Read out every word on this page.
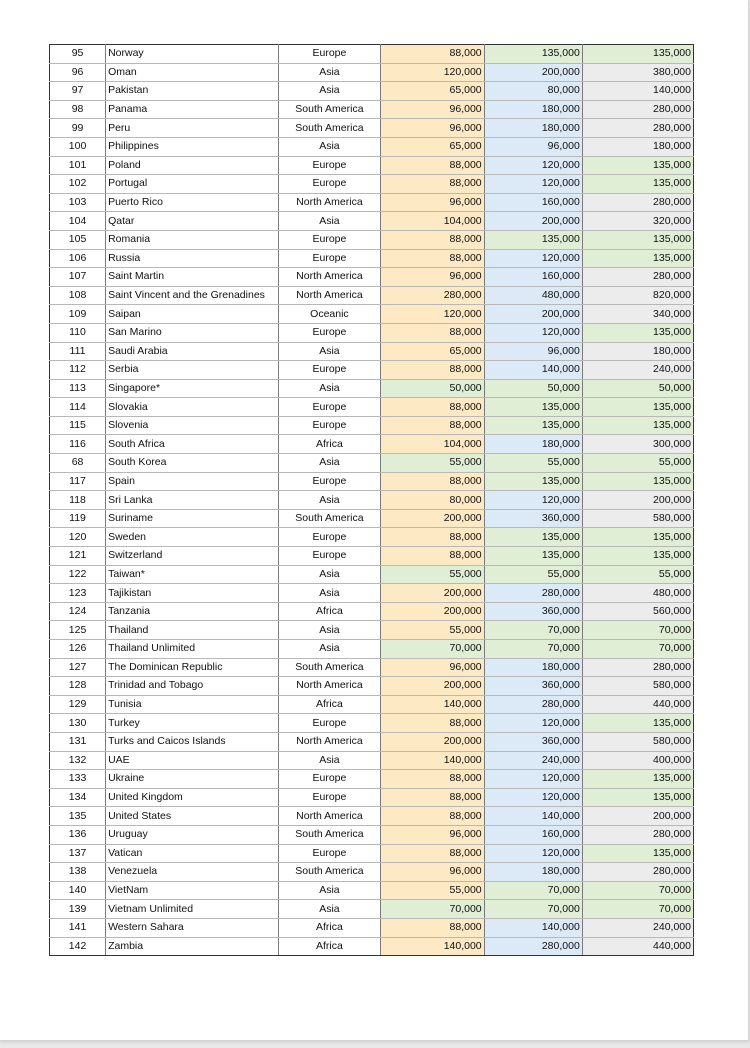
95	Norway	Europe	88,000	135,000	135,000
96	Oman	Asia	120,000	200,000	380,000
97	Pakistan	Asia	65,000	80,000	140,000
98	Panama	South America	96,000	180,000	280,000
99	Peru	South America	96,000	180,000	280,000
100	Philippines	Asia	65,000	96,000	180,000
101	Poland	Europe	88,000	120,000	135,000
102	Portugal	Europe	88,000	120,000	135,000
103	Puerto Rico	North America	96,000	160,000	280,000
104	Qatar	Asia	104,000	200,000	320,000
105	Romania	Europe	88,000	135,000	135,000
106	Russia	Europe	88,000	120,000	135,000
107	Saint Martin	North America	96,000	160,000	280,000
108	Saint Vincent and the Grenadines	North America	280,000	480,000	820,000
109	Saipan	Oceanic	120,000	200,000	340,000
110	San Marino	Europe	88,000	120,000	135,000
111	Saudi Arabia	Asia	65,000	96,000	180,000
112	Serbia	Europe	88,000	140,000	240,000
113	Singapore*	Asia	50,000	50,000	50,000
114	Slovakia	Europe	88,000	135,000	135,000
115	Slovenia	Europe	88,000	135,000	135,000
116	South Africa	Africa	104,000	180,000	300,000
68	South Korea	Asia	55,000	55,000	55,000
117	Spain	Europe	88,000	135,000	135,000
118	Sri Lanka	Asia	80,000	120,000	200,000
119	Suriname	South America	200,000	360,000	580,000
120	Sweden	Europe	88,000	135,000	135,000
121	Switzerland	Europe	88,000	135,000	135,000
122	Taiwan*	Asia	55,000	55,000	55,000
123	Tajikistan	Asia	200,000	280,000	480,000
124	Tanzania	Africa	200,000	360,000	560,000
125	Thailand	Asia	55,000	70,000	70,000
126	Thailand Unlimited	Asia	70,000	70,000	70,000
127	The Dominican Republic	South America	96,000	180,000	280,000
128	Trinidad and Tobago	North America	200,000	360,000	580,000
129	Tunisia	Africa	140,000	280,000	440,000
130	Turkey	Europe	88,000	120,000	135,000
131	Turks and Caicos Islands	North America	200,000	360,000	580,000
132	UAE	Asia	140,000	240,000	400,000
133	Ukraine	Europe	88,000	120,000	135,000
134	United Kingdom	Europe	88,000	120,000	135,000
135	United States	North America	88,000	140,000	200,000
136	Uruguay	South America	96,000	160,000	280,000
137	Vatican	Europe	88,000	120,000	135,000
138	Venezuela	South America	96,000	180,000	280,000
140	VietNam	Asia	55,000	70,000	70,000
139	Vietnam Unlimited	Asia	70,000	70,000	70,000
141	Western Sahara	Africa	88,000	140,000	240,000
142	Zambia	Africa	140,000	280,000	440,000
